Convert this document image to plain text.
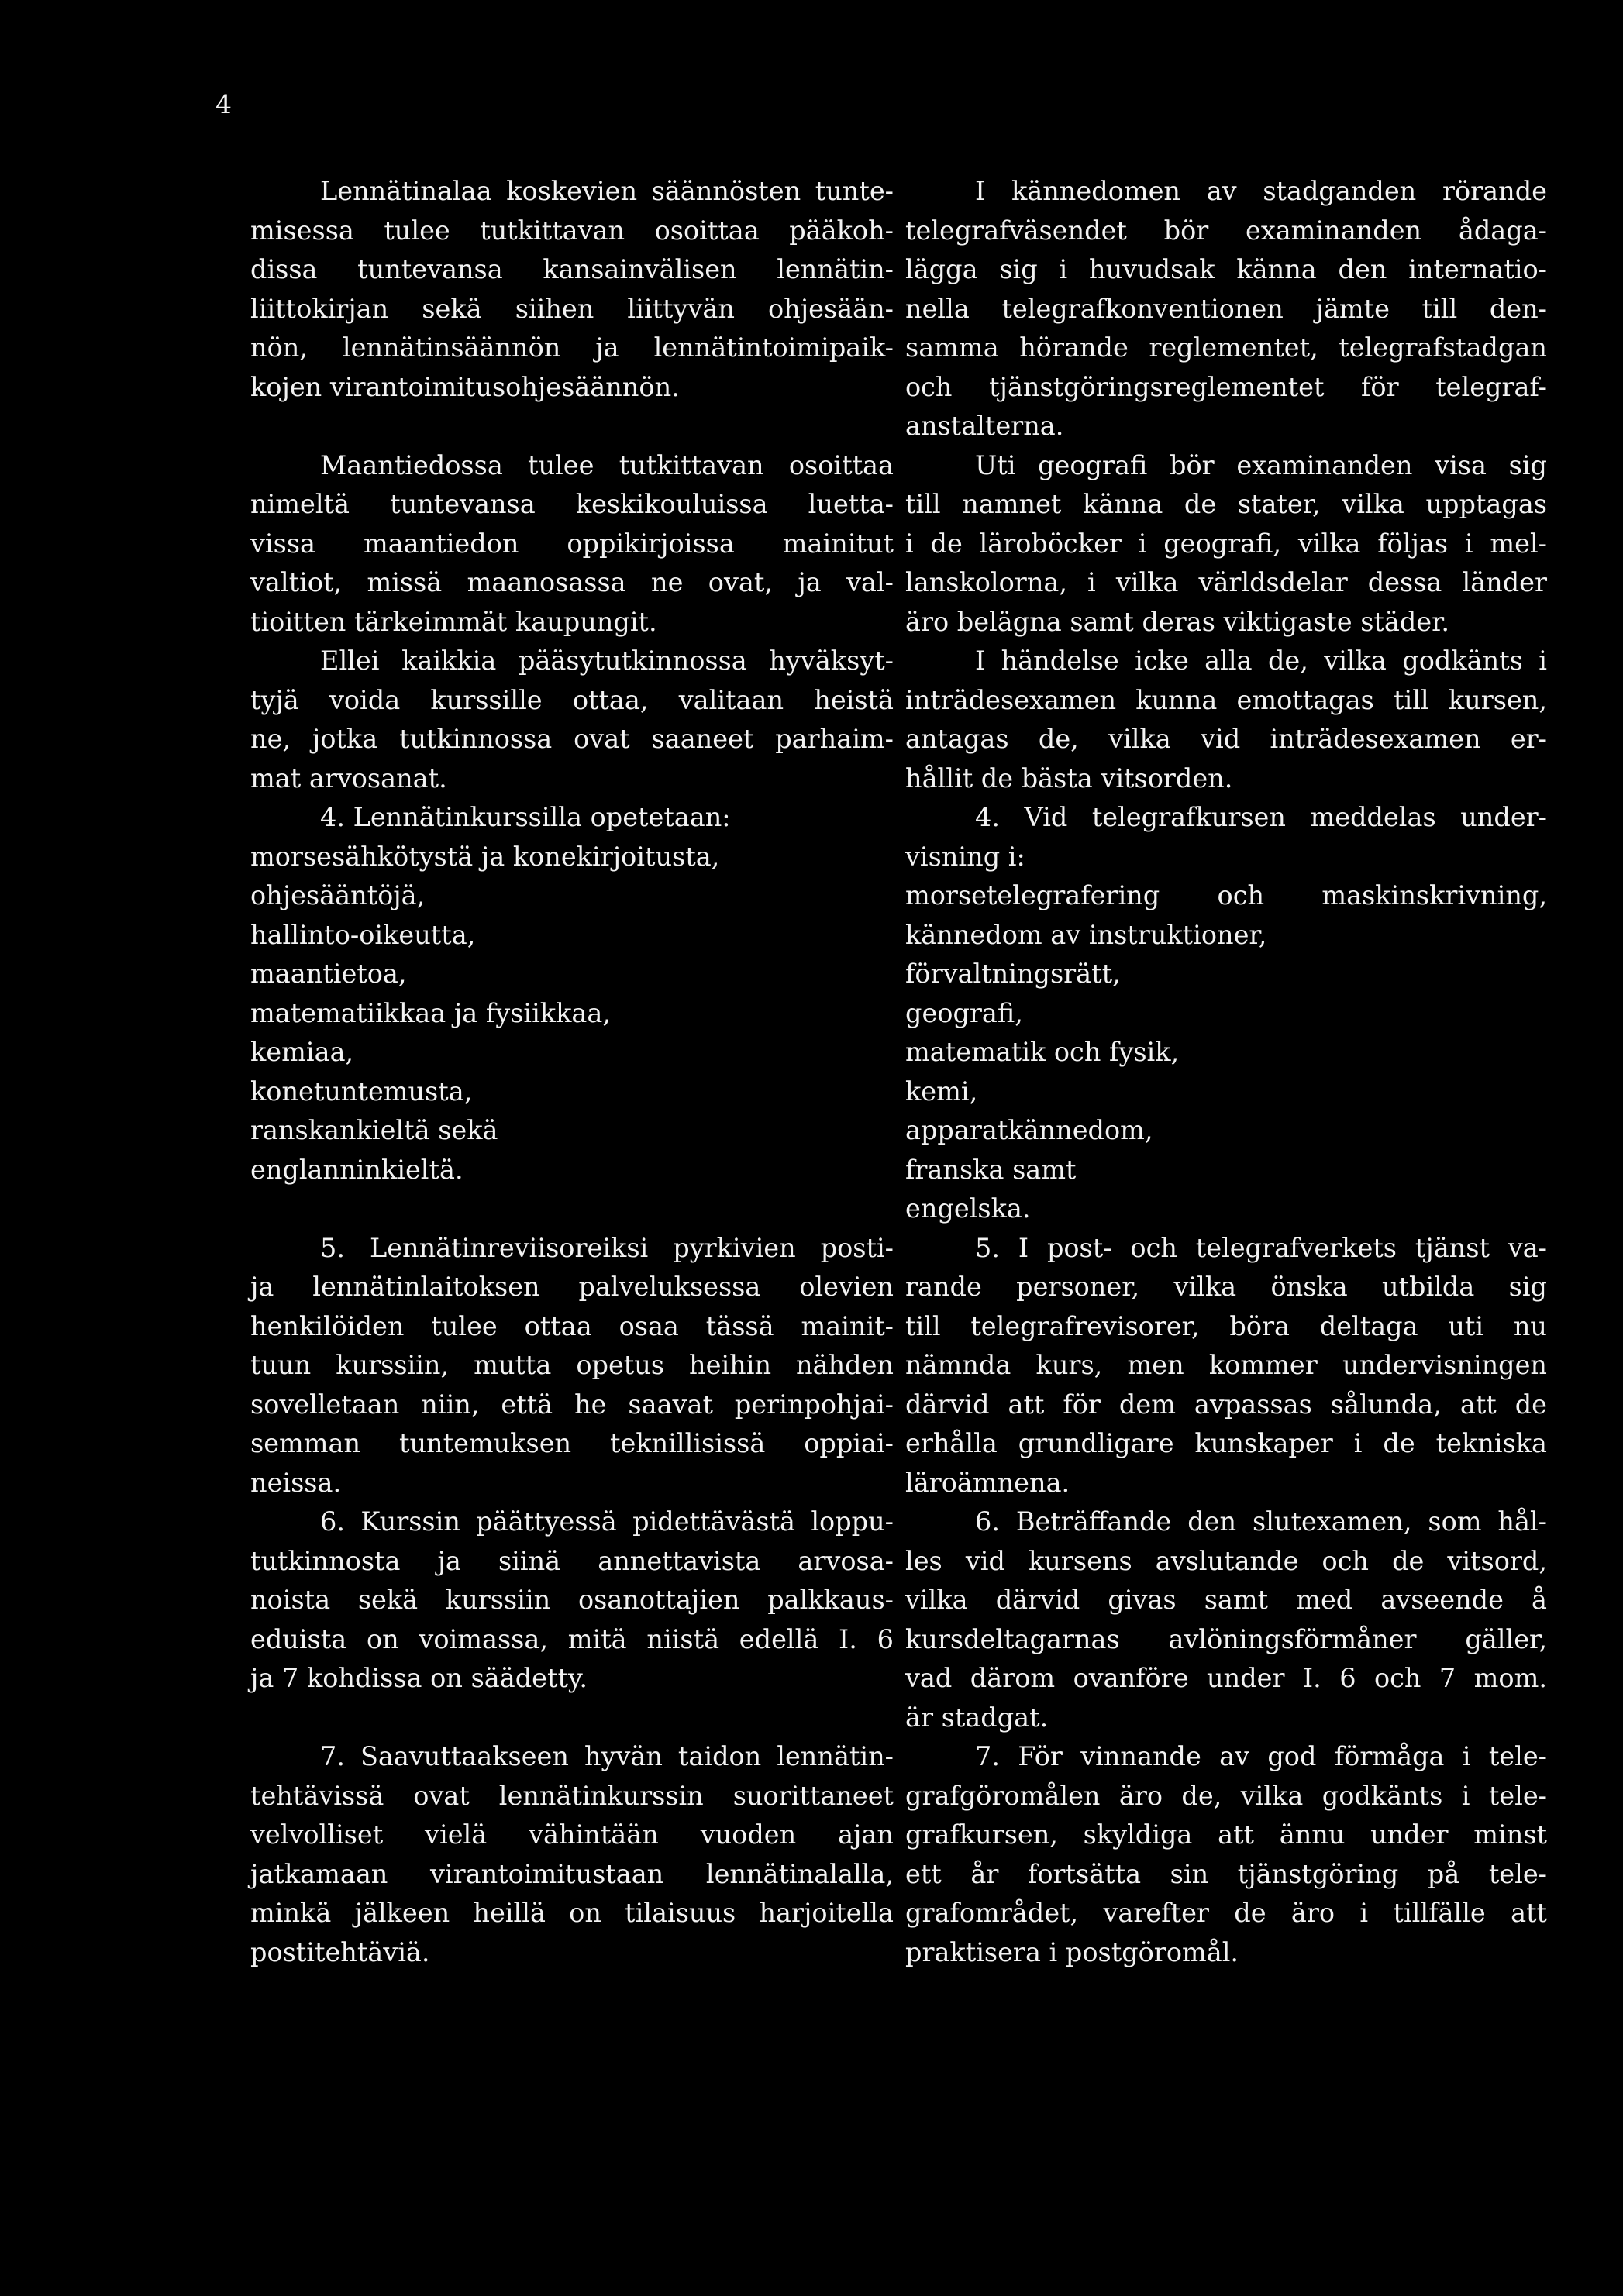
4
Lennätinalaa koskevien säännösten tunte-
misessa tulee tutkittavan osoittaa pääkoh-
dissa tuntevansa kansainvälisen lennätin-
liittokirjan sekä siihen liittyvän ohjesään-
nön, lennätinsäännön ja lennätintoimipaik-
kojen virantoimitusohjesäännön.

Maantiedossa tulee tutkittavan osoittaa
nimeltä tuntevansa keskikouluissa luetta-
vissa maantiedon oppikirjoissa mainitut
valtiot, missä maanosassa ne ovat, ja val-
tioitten tärkeimmät kaupungit.
Ellei kaikkia pääsytutkinnossa hyväksyt-
tyjä voida kurssille ottaa, valitaan heistä
ne, jotka tutkinnossa ovat saaneet parhaim-
mat arvosanat.
4. Lennätinkurssilla opetetaan:
morsesähkötystä ja konekirjoitusta,
ohjesääntöjä,
hallinto-oikeutta,
maantietoa,
matematiikkaa ja fysiikkaa,
kemiaa,
konetuntemusta,
ranskankieltä sekä
englanninkieltä.

5. Lennätinreviisoreiksi pyrkivien posti-
ja lennätinlaitoksen palveluksessa olevien
henkilöiden tulee ottaa osaa tässä mainit-
tuun kurssiin, mutta opetus heihin nähden
sovelletaan niin, että he saavat perinpohjai-
semman tuntemuksen teknillisissä oppiai-
neissa.
6. Kurssin päättyessä pidettävästä loppu-
tutkinnosta ja siinä annettavista arvosa-
noista sekä kurssiin osanottajien palkkaus-
eduista on voimassa, mitä niistä edellä I. 6
ja 7 kohdissa on säädetty.

7. Saavuttaakseen hyvän taidon lennätin-
tehtävissä ovat lennätinkurssin suorittaneet
velvolliset vielä vähintään vuoden ajan
jatkamaan virantoimitustaan lennätinalalla,
minkä jälkeen heillä on tilaisuus harjoitella
postitehtäviä.
I kännedomen av stadganden rörande
telegrafväsendet bör examinanden ådaga-
lägga sig i huvudsak känna den internatio-
nella telegrafkonventionen jämte till den-
samma hörande reglementet, telegrafstadgan
och tjänstgöringsreglementet för telegraf-
anstalterna.
Uti geografi bör examinanden visa sig
till namnet känna de stater, vilka upptagas
i de läroböcker i geografi, vilka följas i mel-
lanskolorna, i vilka världsdelar dessa länder
äro belägna samt deras viktigaste städer.
I händelse icke alla de, vilka godkänts i
inträdesexamen kunna emottagas till kursen,
antagas de, vilka vid inträdesexamen er-
hållit de bästa vitsorden.
4. Vid telegrafkursen meddelas under-
visning i:
morsetelegrafering och maskinskrivning,
kännedom av instruktioner,
förvaltningsrätt,
geografi,
matematik och fysik,
kemi,
apparatkännedom,
franska samt
engelska.
5. I post- och telegrafverkets tjänst va-
rande personer, vilka önska utbilda sig
till telegrafrevisorer, böra deltaga uti nu
nämnda kurs, men kommer undervisningen
därvid att för dem avpassas sålunda, att de
erhålla grundligare kunskaper i de tekniska
läroämnena.
6. Beträffande den slutexamen, som hål-
les vid kursens avslutande och de vitsord,
vilka därvid givas samt med avseende å
kursdeltagarnas avlöningsförmåner gäller,
vad därom ovanföre under I. 6 och 7 mom.
är stadgat.
7. För vinnande av god förmåga i tele-
grafgöromålen äro de, vilka godkänts i tele-
grafkursen, skyldiga att ännu under minst
ett år fortsätta sin tjänstgöring på tele-
grafområdet, varefter de äro i tillfälle att
praktisera i postgöromål.
